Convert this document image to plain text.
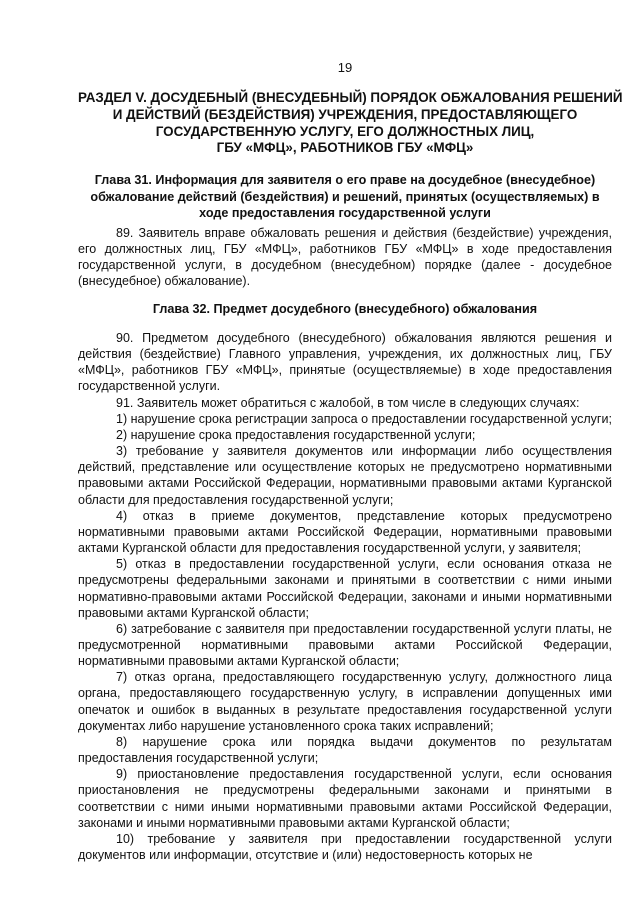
19
РАЗДЕЛ V. ДОСУДЕБНЫЙ (ВНЕСУДЕБНЫЙ) ПОРЯДОК ОБЖАЛОВАНИЯ РЕШЕНИЙ
И ДЕЙСТВИЙ (БЕЗДЕЙСТВИЯ) УЧРЕЖДЕНИЯ, ПРЕДОСТАВЛЯЮЩЕГО
ГОСУДАРСТВЕННУЮ УСЛУГУ, ЕГО ДОЛЖНОСТНЫХ ЛИЦ,
ГБУ «МФЦ», РАБОТНИКОВ ГБУ «МФЦ»
Глава 31. Информация для заявителя о его праве на досудебное (внесудебное)
обжалование действий (бездействия) и решений, принятых (осуществляемых) в
ходе предоставления государственной услуги

89. Заявитель вправе обжаловать решения и действия (бездействие) учреждения, его должностных лиц, ГБУ «МФЦ», работников ГБУ «МФЦ» в ходе предоставления государственной услуги, в досудебном (внесудебном) порядке (далее - досудебное (внесудебное) обжалование).

Глава 32. Предмет досудебного (внесудебного) обжалования

90. Предметом досудебного (внесудебного) обжалования являются решения и действия (бездействие) Главного управления, учреждения, их должностных лиц, ГБУ «МФЦ», работников ГБУ «МФЦ», принятые (осуществляемые) в ходе предоставления государственной услуги.

91. Заявитель может обратиться с жалобой, в том числе в следующих случаях:

1) нарушение срока регистрации запроса о предоставлении государственной услуги;

2) нарушение срока предоставления государственной услуги;

3) требование у заявителя документов или информации либо осуществления действий, представление или осуществление которых не предусмотрено нормативными правовыми актами Российской Федерации, нормативными правовыми актами Курганской области для предоставления государственной услуги;

4) отказ в приеме документов, представление которых предусмотрено нормативными правовыми актами Российской Федерации, нормативными правовыми актами Курганской области для предоставления государственной услуги, у заявителя;

5) отказ в предоставлении государственной услуги, если основания отказа не предусмотрены федеральными законами и принятыми в соответствии с ними иными нормативно-правовыми актами Российской Федерации, законами и иными нормативными правовыми актами Курганской области;

6) затребование с заявителя при предоставлении государственной услуги платы, не предусмотренной нормативными правовыми актами Российской Федерации, нормативными правовыми актами Курганской области;

7) отказ органа, предоставляющего государственную услугу, должностного лица органа, предоставляющего государственную услугу, в исправлении допущенных ими опечаток и ошибок в выданных в результате предоставления государственной услуги документах либо нарушение установленного срока таких исправлений;

8) нарушение срока или порядка выдачи документов по результатам предоставления государственной услуги;

9) приостановление предоставления государственной услуги, если основания приостановления не предусмотрены федеральными законами и принятыми в соответствии с ними иными нормативными правовыми актами Российской Федерации, законами и иными нормативными правовыми актами Курганской области;

10) требование у заявителя при предоставлении государственной услуги документов или информации, отсутствие и (или) недостоверность которых не
